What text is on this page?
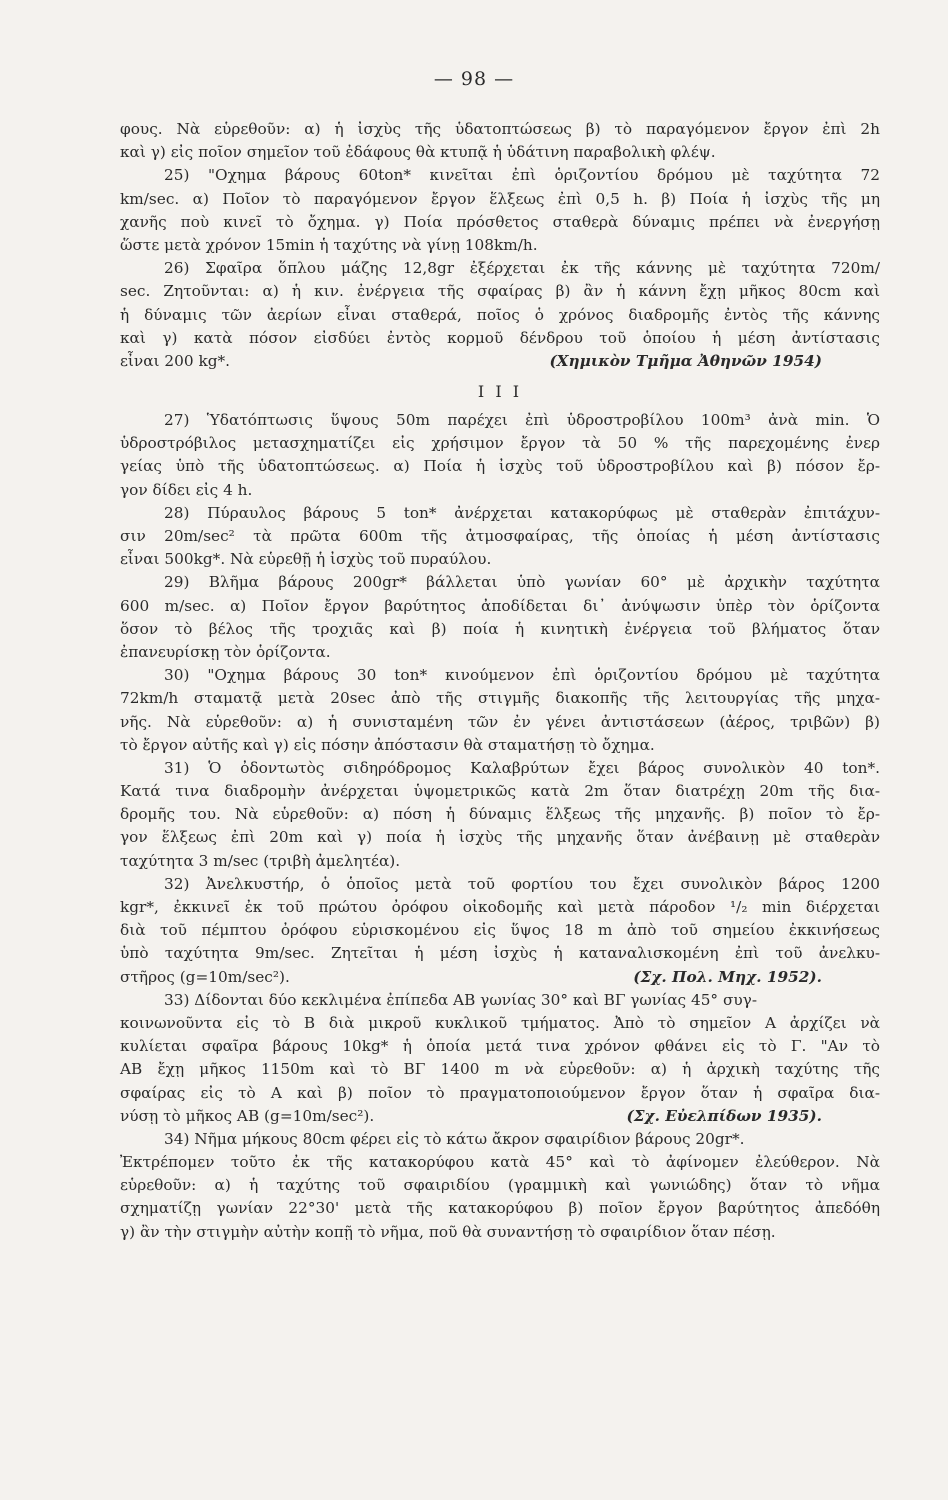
— 98 —
φους. Νὰ εὑρεθοῦν: α) ἡ ἰσχὺς τῆς ὑδατοπτώσεως β) τὸ παραγόμενον ἔργον ἐπὶ 2h
καὶ γ) εἰς ποῖον σημεῖον τοῦ ἐδάφους θὰ κτυπᾷ ἡ ὑδάτινη παραβολικὴ φλέψ.
25) "Οχημα βάρους 60ton* κινεῖται ἐπὶ ὁριζοντίου δρόμου μὲ ταχύτητα 72
km/sec. α) Ποῖον τὸ παραγόμενον ἔργον ἕλξεως ἐπὶ 0,5 h. β) Ποία ἡ ἰσχὺς τῆς μη
χανῆς ποὺ κινεῖ τὸ ὄχημα. γ) Ποία πρόσθετος σταθερὰ δύναμις πρέπει νὰ ἐνεργήσῃ
ὥστε μετὰ χρόνον 15min ἡ ταχύτης νὰ γίνῃ 108km/h.
26) Σφαῖρα ὅπλου μάζης 12,8gr ἐξέρχεται ἐκ τῆς κάννης μὲ ταχύτητα 720m/
sec. Ζητοῦνται: α) ἡ κιν. ἐνέργεια τῆς σφαίρας β) ἂν ἡ κάννη ἔχῃ μῆκος 80cm καὶ
ἡ δύναμις τῶν ἀερίων εἶναι σταθερά, ποῖος ὁ χρόνος διαδρομῆς ἐντὸς τῆς κάννης
καὶ γ) κατὰ πόσον εἰσδύει ἐντὸς κορμοῦ δένδρου τοῦ ὁποίου ἡ μέση ἀντίστασις
εἶναι 200 kg*.	(Χημικὸν Τμῆμα Ἀθηνῶν 1954)
I I I
27) Ὑδατόπτωσις ὕψους 50m παρέχει ἐπὶ ὑδροστροβίλου 100m³ ἀνὰ min. Ὁ
ὑδροστρόβιλος μετασχηματίζει εἰς χρήσιμον ἔργον τὰ 50 % τῆς παρεχομένης ἐνερ
γείας ὑπὸ τῆς ὑδατοπτώσεως. α) Ποία ἡ ἰσχὺς τοῦ ὑδροστροβίλου καὶ β) πόσον ἔρ-
γον δίδει εἰς 4 h.
28) Πύραυλος βάρους 5 ton* ἀνέρχεται κατακορύφως μὲ σταθερὰν ἐπιτάχυν-
σιν 20m/sec² τὰ πρῶτα 600m τῆς ἀτμοσφαίρας, τῆς ὁποίας ἡ μέση ἀντίστασις
εἶναι 500kg*. Νὰ εὑρεθῇ ἡ ἰσχὺς τοῦ πυραύλου.
29) Βλῆμα βάρους 200gr* βάλλεται ὑπὸ γωνίαν 60° μὲ ἀρχικὴν ταχύτητα
600 m/sec. α) Ποῖον ἔργον βαρύτητος ἀποδίδεται δι᾿ ἀνύψωσιν ὑπὲρ τὸν ὁρίζοντα
ὅσον τὸ βέλος τῆς τροχιᾶς καὶ β) ποία ἡ κινητικὴ ἐνέργεια τοῦ βλήματος ὅταν
ἐπανευρίσκῃ τὸν ὁρίζοντα.
30) "Οχημα βάρους 30 ton* κινούμενον ἐπὶ ὁριζοντίου δρόμου μὲ ταχύτητα
72km/h σταματᾷ μετὰ 20sec ἀπὸ τῆς στιγμῆς διακοπῆς τῆς λειτουργίας τῆς μηχα-
νῆς. Νὰ εὑρεθοῦν: α) ἡ συνισταμένη τῶν ἐν γένει ἀντιστάσεων (ἀέρος, τριβῶν) β)
τὸ ἔργον αὐτῆς καὶ γ) εἰς πόσην ἀπόστασιν θὰ σταματήσῃ τὸ ὄχημα.
31) Ὁ ὀδοντωτὸς σιδηρόδρομος Καλαβρύτων ἔχει βάρος συνολικὸν 40 ton*.
Κατά τινα διαδρομὴν ἀνέρχεται ὑψομετρικῶς κατὰ 2m ὅταν διατρέχῃ 20m τῆς δια-
δρομῆς του. Νὰ εὑρεθοῦν: α) πόση ἡ δύναμις ἕλξεως τῆς μηχανῆς. β) ποῖον τὸ ἔρ-
γον ἕλξεως ἐπὶ 20m καὶ γ) ποία ἡ ἰσχὺς τῆς μηχανῆς ὅταν ἀνέβαινῃ μὲ σταθερὰν
ταχύτητα 3 m/sec (τριβὴ ἀμελητέα).
32) Ἀνελκυστήρ, ὁ ὁποῖος μετὰ τοῦ φορτίου του ἔχει συνολικὸν βάρος 1200
kgr*, ἐκκινεῖ ἐκ τοῦ πρώτου ὀρόφου οἰκοδομῆς καὶ μετὰ πάροδον ¹/₂ min διέρχεται
διὰ τοῦ πέμπτου ὀρόφου εὑρισκομένου εἰς ὕψος 18 m ἀπὸ τοῦ σημείου ἐκκινήσεως
ὑπὸ ταχύτητα 9m/sec. Ζητεῖται ἡ μέση ἰσχὺς ἡ καταναλισκομένη ἐπὶ τοῦ ἀνελκυ-
στῆρος (g=10m/sec²).	(Σχ. Πολ. Μηχ. 1952).
33) Δίδονται δύο κεκλιμένα ἐπίπεδα ΑΒ γωνίας 30° καὶ ΒΓ γωνίας 45° συγ-
κοινωνοῦντα εἰς τὸ Β διὰ μικροῦ κυκλικοῦ τμήματος. Ἀπὸ τὸ σημεῖον Α ἀρχίζει νὰ
κυλίεται σφαῖρα βάρους 10kg* ἡ ὁποία μετά τινα χρόνον φθάνει εἰς τὸ Γ. "Αν τὸ
ΑΒ ἔχῃ μῆκος 1150m καὶ τὸ ΒΓ 1400 m νὰ εὑρεθοῦν: α) ἡ ἀρχικὴ ταχύτης τῆς
σφαίρας εἰς τὸ Α καὶ β) ποῖον τὸ πραγματοποιούμενον ἔργον ὅταν ἡ σφαῖρα δια-
νύσῃ τὸ μῆκος ΑΒ (g=10m/sec²).	(Σχ. Εὐελπίδων 1935).
34) Νῆμα μήκους 80cm φέρει εἰς τὸ κάτω ἄκρον σφαιρίδιον βάρους 20gr*.
Ἐκτρέπομεν τοῦτο ἐκ τῆς κατακορύφου κατὰ 45° καὶ τὸ ἀφίνομεν ἐλεύθερον. Νὰ
εὑρεθοῦν: α) ἡ ταχύτης τοῦ σφαιριδίου (γραμμικὴ καὶ γωνιώδης) ὅταν τὸ νῆμα
σχηματίζῃ γωνίαν 22°30' μετὰ τῆς κατακορύφου β) ποῖον ἔργον βαρύτητος ἀπεδόθη
γ) ἂν τὴν στιγμὴν αὐτὴν κοπῇ τὸ νῆμα, ποῦ θὰ συναντήσῃ τὸ σφαιρίδιον ὅταν πέσῃ.
